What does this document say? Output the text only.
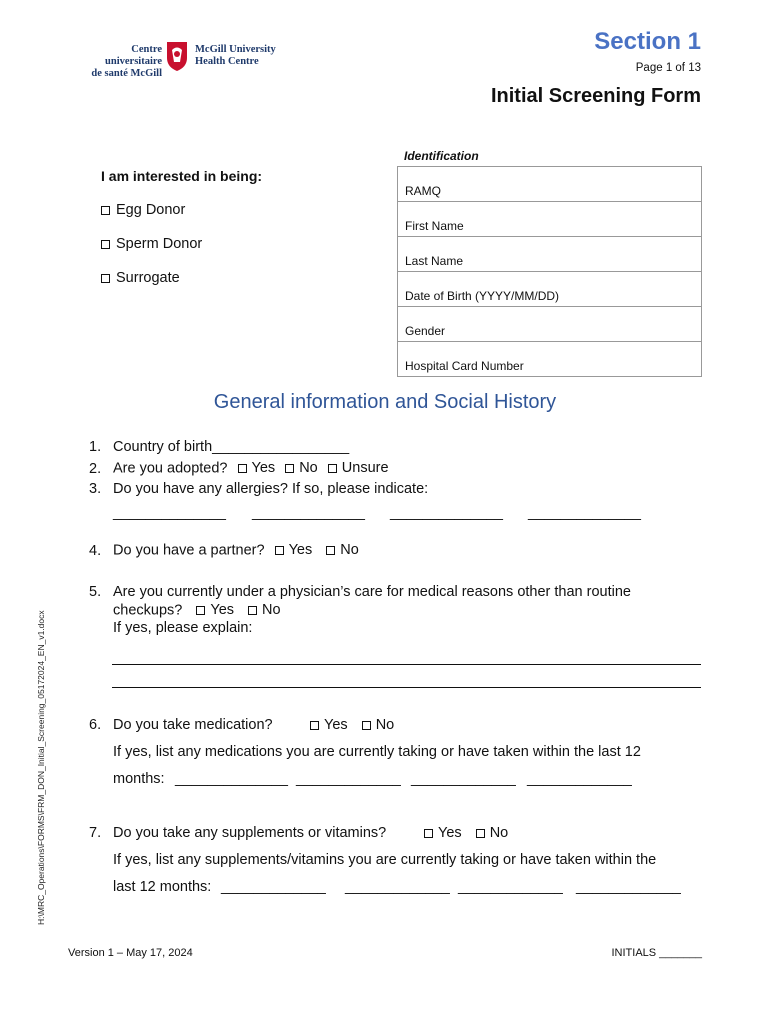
Centre universitaire
de santé McGill
McGill University
Health Centre
Section 1
Page 1 of 13
Initial Screening Form
I am interested in being:
Egg Donor
Sperm Donor
Surrogate
Identification
RAMQ
First Name
Last Name
Date of Birth (YYYY/MM/DD)
Gender
Hospital Card Number
General information and Social History
1. Country of birth_________________
2. Are you adopted? Yes
No
Unsure
3. Do you have any allergies? If so, please indicate:
______________ ______________ ______________ ______________
4. Do you have a partner? Yes
No
5. Are you currently under a physician’s care for medical reasons other than routine
checkups? Yes
No
If yes, please explain:
6. Do you take medication?	Yes
No
If yes, list any medications you are currently taking or have taken within the last 12
months: ______________ _____________ _____________ _____________
7. Do you take any supplements or vitamins?	Yes
No
If yes, list any supplements/vitamins you are currently taking or have taken within the
last 12 months: _____________ _____________ _____________ _____________
H:\MRC_Operations\FORMS\FRM_DON_Initial_Screening_05172024_EN_v1.docx
Version 1 – May 17, 2024	INITIALS _______
